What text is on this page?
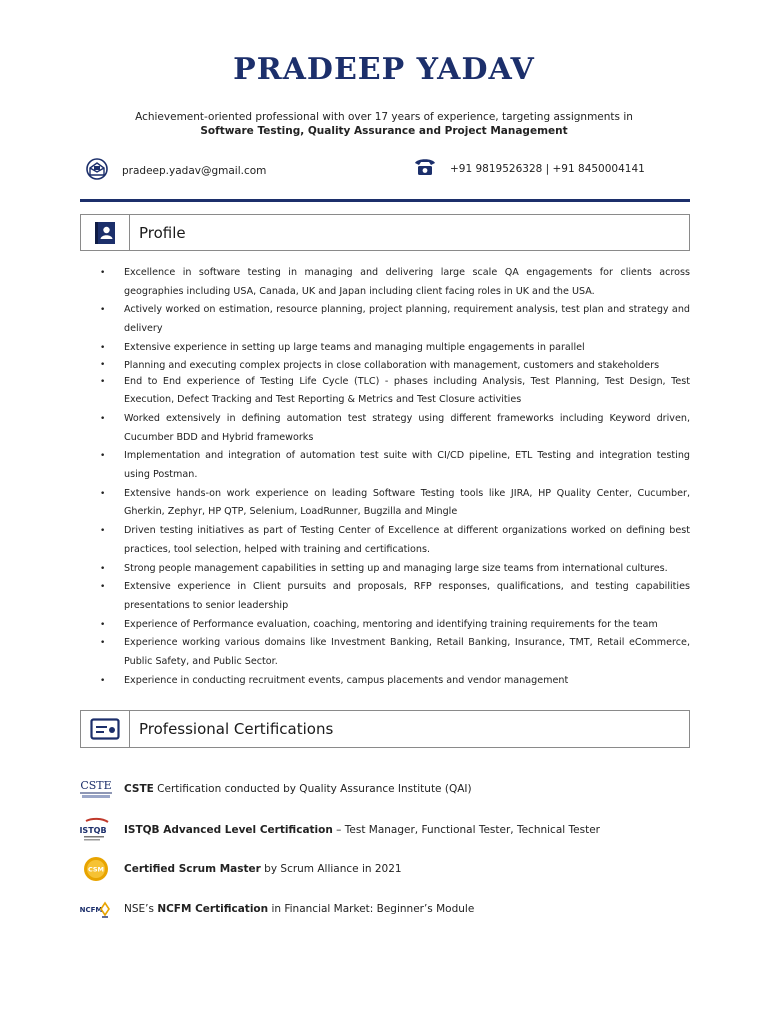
PRADEEP YADAV
Achievement-oriented professional with over 17 years of experience, targeting assignments in
Software Testing, Quality Assurance and Project Management
pradeep.yadav@gmail.com	+91 9819526328 | +91 8450004141
Profile
• Excellence in software testing in managing and delivering large scale QA engagements for clients across geographies including USA, Canada, UK and Japan including client facing roles in UK and the USA.
• Actively worked on estimation, resource planning, project planning, requirement analysis, test plan and strategy and delivery
• Extensive experience in setting up large teams and managing multiple engagements in parallel
• Planning and executing complex projects in close collaboration with management, customers and stakeholders
• End to End experience of Testing Life Cycle (TLC) - phases including Analysis, Test Planning, Test Design, Test Execution, Defect Tracking and Test Reporting & Metrics and Test Closure activities
• Worked extensively in defining automation test strategy using different frameworks including Keyword driven, Cucumber BDD and Hybrid frameworks
• Implementation and integration of automation test suite with CI/CD pipeline, ETL Testing and integration testing using Postman.
• Extensive hands-on work experience on leading Software Testing tools like JIRA, HP Quality Center, Cucumber, Gherkin, Zephyr, HP QTP, Selenium, LoadRunner, Bugzilla and Mingle
• Driven testing initiatives as part of Testing Center of Excellence at different organizations worked on defining best practices, tool selection, helped with training and certifications.
• Strong people management capabilities in setting up and managing large size teams from international cultures.
• Extensive experience in Client pursuits and proposals, RFP responses, qualifications, and testing capabilities presentations to senior leadership
• Experience of Performance evaluation, coaching, mentoring and identifying training requirements for the team
• Experience working various domains like Investment Banking, Retail Banking, Insurance, TMT, Retail eCommerce, Public Safety, and Public Sector.
• Experience in conducting recruitment events, campus placements and vendor management
Professional Certifications
CSTE CSTE Certification conducted by Quality Assurance Institute (QAI)
ISTQB ISTQB Advanced Level Certification – Test Manager, Functional Tester, Technical Tester
CSM Certified Scrum Master by Scrum Alliance in 2021
NCFM NSE’s NCFM Certification in Financial Market: Beginner’s Module
